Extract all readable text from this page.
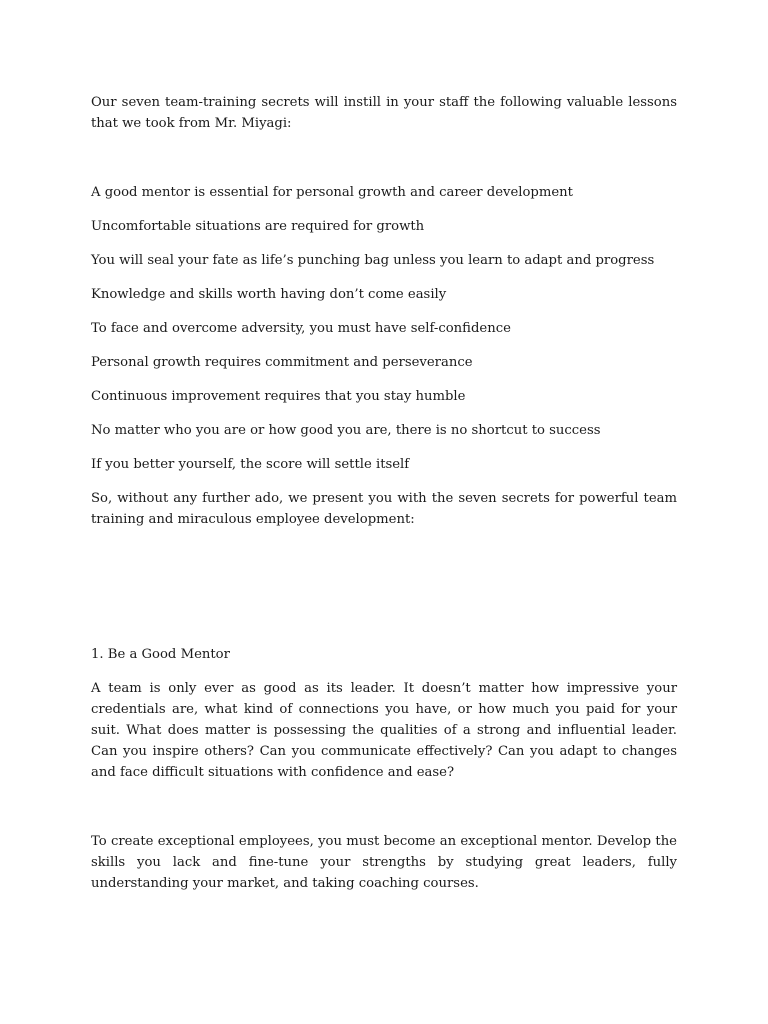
Our seven team-training secrets will instill in your staff the following valuable lessons that we took from Mr. Miyagi:

A good mentor is essential for personal growth and career development

Uncomfortable situations are required for growth

You will seal your fate as life’s punching bag unless you learn to adapt and progress

Knowledge and skills worth having don’t come easily

To face and overcome adversity, you must have self-confidence

Personal growth requires commitment and perseverance

Continuous improvement requires that you stay humble

No matter who you are or how good you are, there is no shortcut to success

If you better yourself, the score will settle itself

So, without any further ado, we present you with the seven secrets for powerful team training and miraculous employee development:

1. Be a Good Mentor

A team is only ever as good as its leader. It doesn’t matter how impressive your credentials are, what kind of connections you have, or how much you paid for your suit. What does matter is possessing the qualities of a strong and influential leader. Can you inspire others? Can you communicate effectively? Can you adapt to changes and face difficult situations with confidence and ease?

To create exceptional employees, you must become an exceptional mentor. Develop the skills you lack and fine-tune your strengths by studying great leaders, fully understanding your market, and taking coaching courses.
